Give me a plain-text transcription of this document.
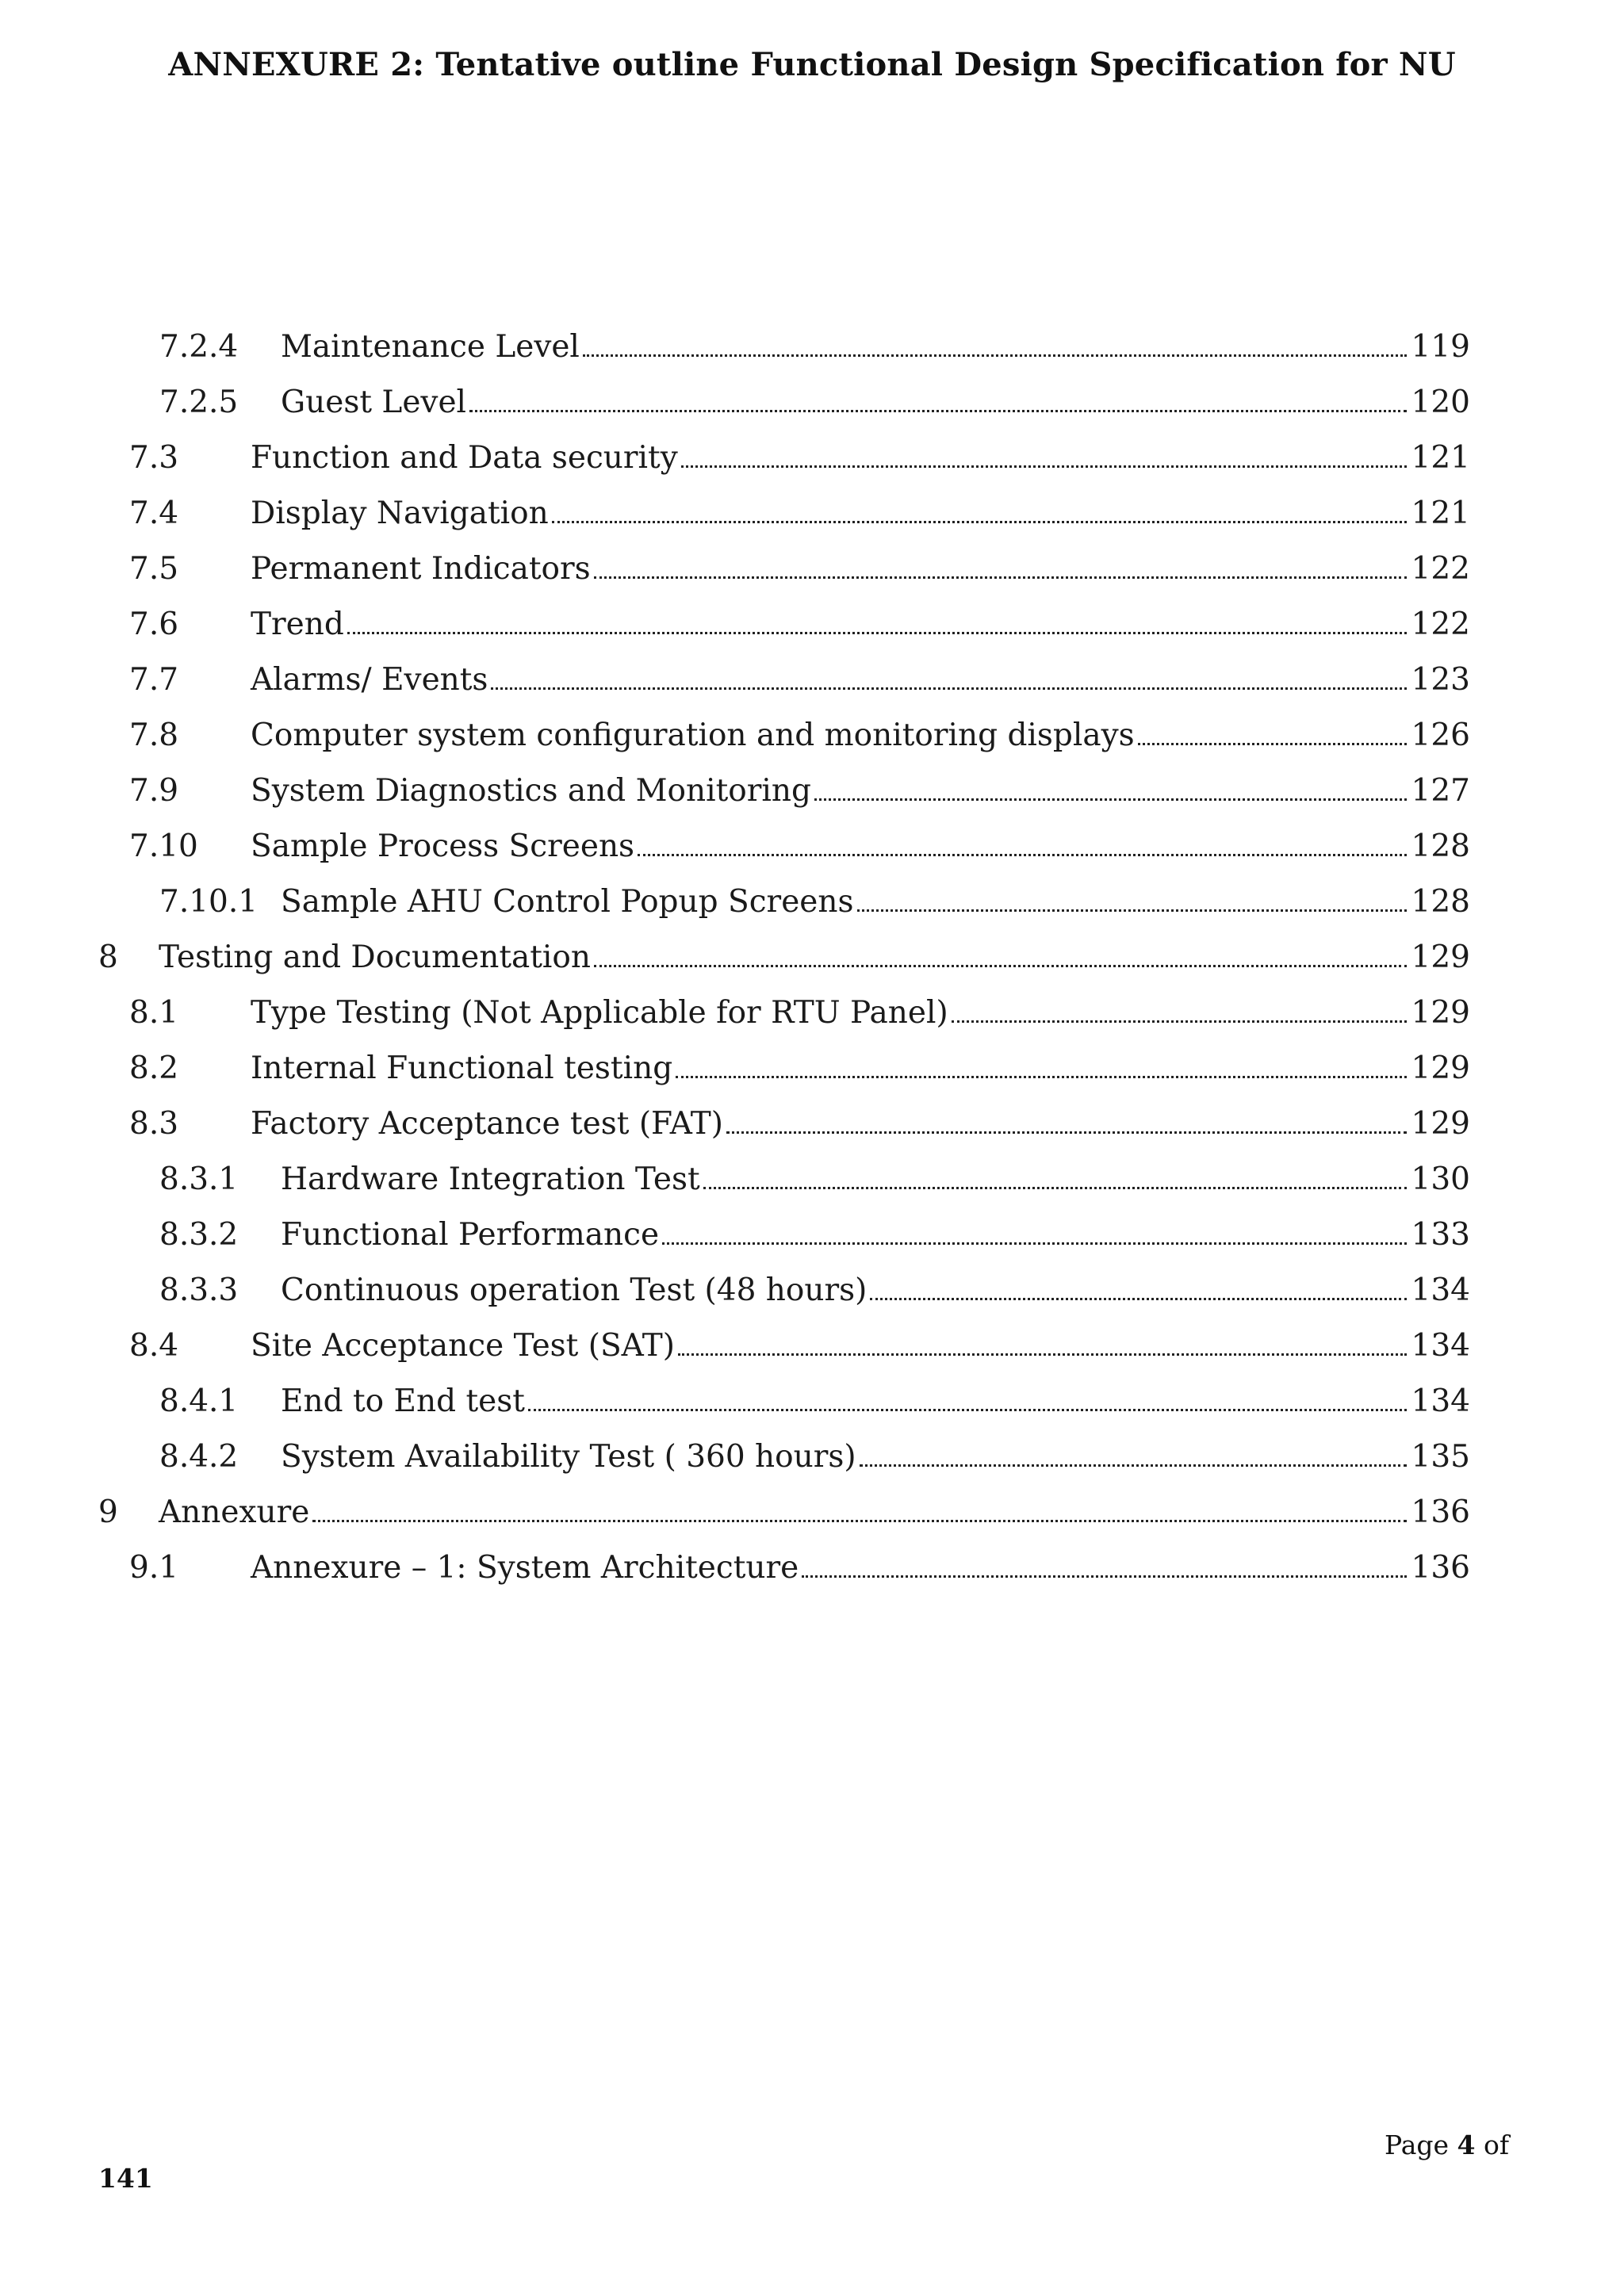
ANNEXURE 2: Tentative outline Functional Design Specification for NU
7.2.4 Maintenance Level	119
7.2.5 Guest Level	120
7.3 Function and Data security	121
7.4 Display Navigation	121
7.5 Permanent Indicators	122
7.6 Trend	122
7.7 Alarms/ Events	123
7.8 Computer system configuration and monitoring displays	126
7.9 System Diagnostics and Monitoring	127
7.10 Sample Process Screens	128
7.10.1 Sample AHU Control Popup Screens	128
8 Testing and Documentation	129
8.1 Type Testing (Not Applicable for RTU Panel)	129
8.2 Internal Functional testing	129
8.3 Factory Acceptance test (FAT)	129
8.3.1 Hardware Integration Test	130
8.3.2 Functional Performance	133
8.3.3 Continuous operation Test (48 hours)	134
8.4 Site Acceptance Test (SAT)	134
8.4.1 End to End test	134
8.4.2 System Availability Test ( 360 hours)	135
9 Annexure	136
9.1 Annexure – 1: System Architecture	136
Page 4 of
141
